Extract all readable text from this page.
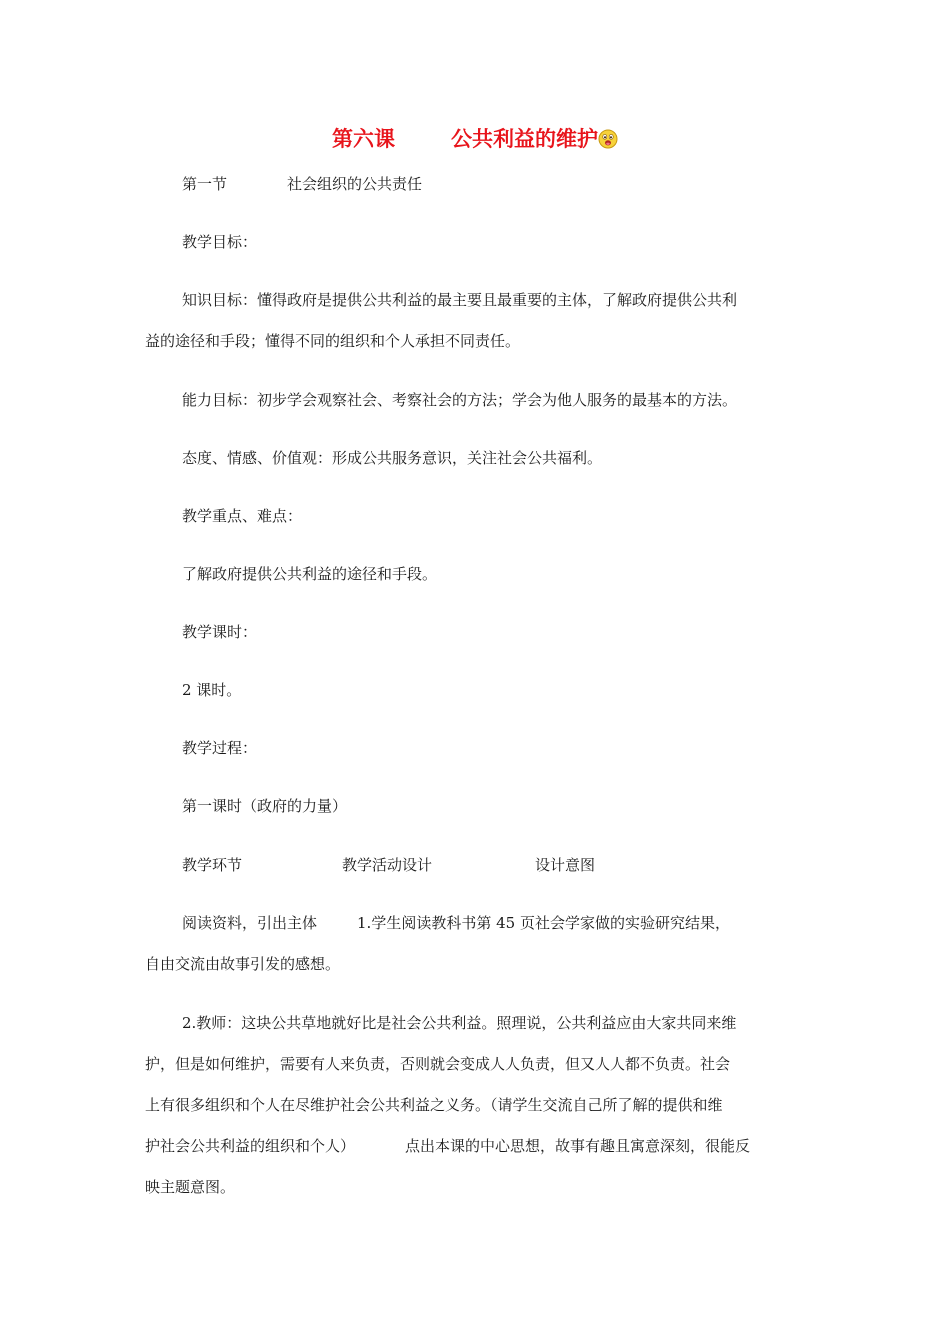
第六课	公共利益的维护
第一节	社会组织的公共责任
教学目标：
知识目标：懂得政府是提供公共利益的最主要且最重要的主体，了解政府提供公共利
益的途径和手段；懂得不同的组织和个人承担不同责任。
能力目标：初步学会观察社会、考察社会的方法；学会为他人服务的最基本的方法。
态度、情感、价值观：形成公共服务意识，关注社会公共福利。
教学重点、难点：
了解政府提供公共利益的途径和手段。
教学课时：
2 课时。
教学过程：
第一课时（政府的力量）
教学环节	教学活动设计	设计意图
阅读资料，引出主体	1.学生阅读教科书第 45 页社会学家做的实验研究结果，
自由交流由故事引发的感想。
2.教师：这块公共草地就好比是社会公共利益。照理说，公共利益应由大家共同来维
护，但是如何维护，需要有人来负责，否则就会变成人人负责，但又人人都不负责。社会
上有很多组织和个人在尽维护社会公共利益之义务。（请学生交流自己所了解的提供和维
护社会公共利益的组织和个人）	点出本课的中心思想，故事有趣且寓意深刻，很能反
映主题意图。
